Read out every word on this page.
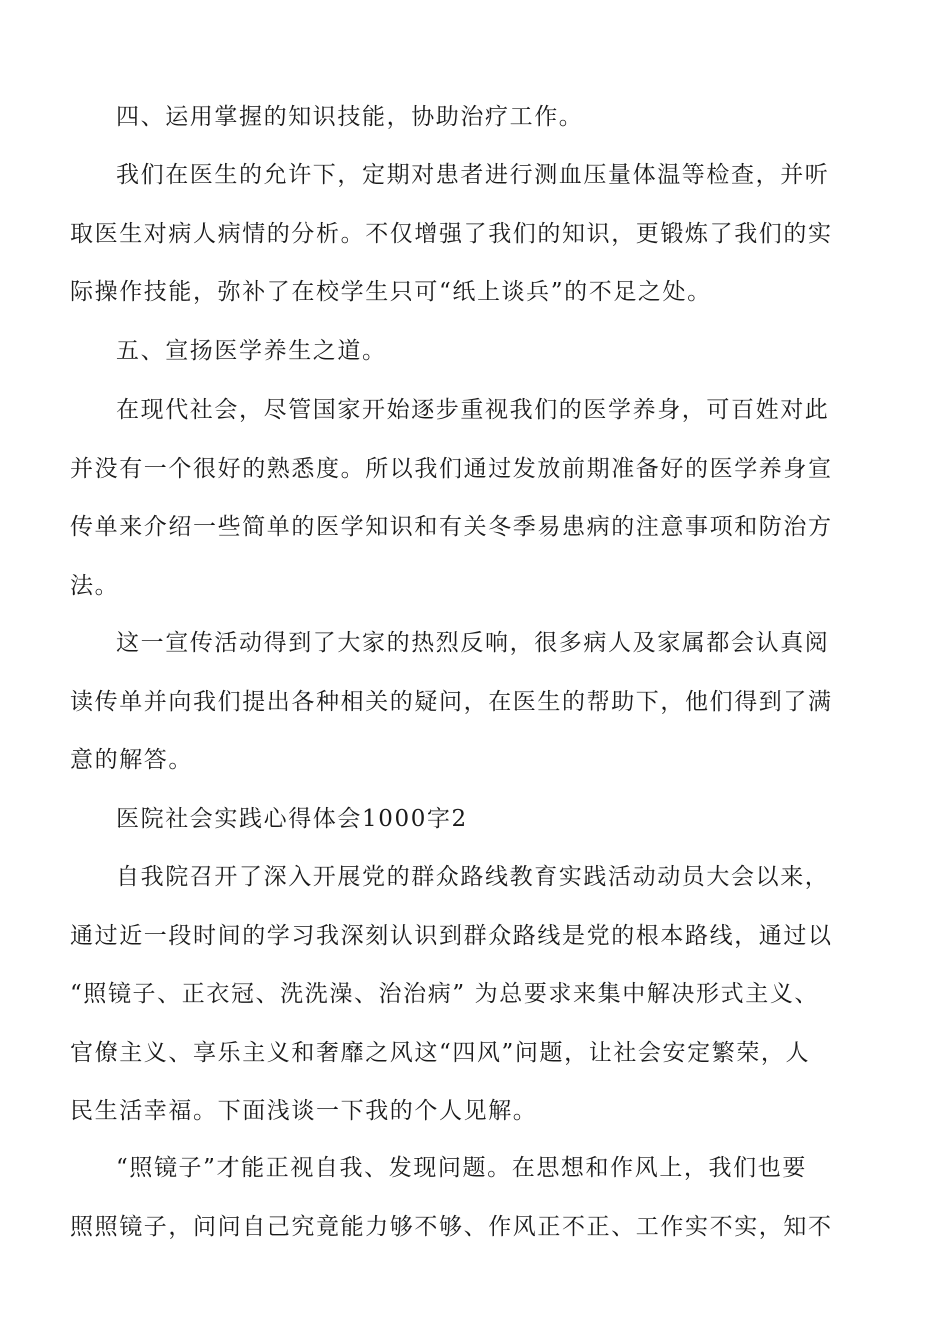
四、运用掌握的知识技能，协助治疗工作。

我们在医生的允许下，定期对患者进行测血压量体温等检查，并听
取医生对病人病情的分析。不仅增强了我们的知识，更锻炼了我们的实
际操作技能，弥补了在校学生只可“纸上谈兵”的不足之处。

五、宣扬医学养生之道。

在现代社会，尽管国家开始逐步重视我们的医学养身，可百姓对此
并没有一个很好的熟悉度。所以我们通过发放前期准备好的医学养身宣
传单来介绍一些简单的医学知识和有关冬季易患病的注意事项和防治方
法。

这一宣传活动得到了大家的热烈反响，很多病人及家属都会认真阅
读传单并向我们提出各种相关的疑问，在医生的帮助下，他们得到了满
意的解答。

医院社会实践心得体会1000字2

自我院召开了深入开展党的群众路线教育实践活动动员大会以来，
通过近一段时间的学习我深刻认识到群众路线是党的根本路线，通过以
“照镜子、正衣冠、洗洗澡、治治病” 为总要求来集中解决形式主义、
官僚主义、享乐主义和奢靡之风这“四风”问题，让社会安定繁荣，人
民生活幸福。下面浅谈一下我的个人见解。

“照镜子”才能正视自我、发现问题。在思想和作风上，我们也要
照照镜子，问问自己究竟能力够不够、作风正不正、工作实不实，知不
